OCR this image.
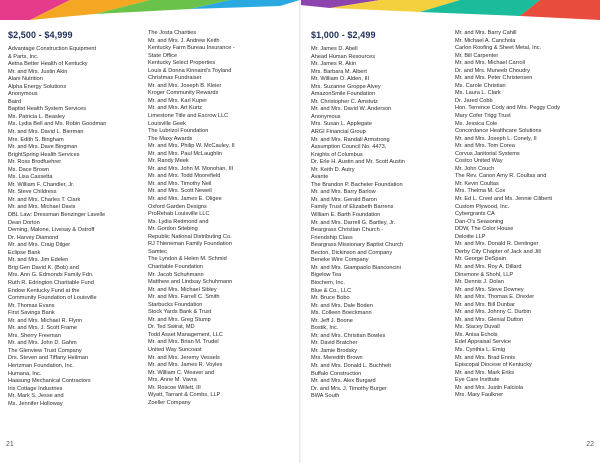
$2,500 - $4,999
Advantage Construction Equipment
& Parts, Inc.
Aetna Better Health of Kentucky
Mr. and Mrs. Justin Akin
Alani Nutrition
Alpha Energy Solutions
Anonymous
Baird
Baptist Health System Services
Ms. Patricia L. Beasley
Ms. Lydia Bell and Ms. Robin Goodman
Mr. and Mrs. David L. Bierman
Mrs. Edith S. Bingham
Mr. and Mrs. Dave Bingman
BrightSpring Health Services
Mr. Ross Brodfuehrer
Ms. Dace Brown
Ms. Lisa Cassetta
Mr. William F. Chandler, Jr.
Mr. Steve Childress
Mr. and Mrs. Charles T. Clark
Mr. and Mrs. Michael Davis
DBL Law: Dressman Benzinger Lavelle
Dean Dorton
Deming, Malone, Livesay & Ostroff
Dr. Harvey Diamond
Mr. and Mrs. Craig Dilger
Eclipse Bank
Mr. and Mrs. Jim Edelen
Brig Gen David K. (Bob) and
Mrs. Ann G. Edmonds Family Fdn.
Ruth R. Edrington Charitable Fund
Endow Kentucky Fund at the
Community Foundation of Louisville
Mr. Thomas Evans
First Savings Bank
Mr. and Mrs. Michael R. Flynn
Mr. and Mrs. J. Scott Frame
Mrs. Sherry Freeman
Mr. and Mrs. John D. Gahm
The Glenview Trust Company
Drs. Steven and Tiffany Heilman
Hertzman Foundation, Inc.
Humana, Inc.
Haasung Mechanical Contractors
Iris Cottage Industries
Mr. Mark S. Jesse and
Ms. Jennifer Holloway
The Josta Charities
Mr. and Mrs. J. Andrew Keith
Kentucky Farm Bureau Insurance -
State Office
Kentucky Select Properties
Louis & Donna Kinnaird's Toyland
Christmas Fundraiser
Mr. and Mrs. Joseph B. Kleier
Kroger Community Rewards
Mr. and Mrs. Karl Kuper
Mr. and Mrs. Art Kurtz
Limestone Title and Escrow LLC
Louisville Geek
The Lubrizol Foundation
The Maxy Awards
Mr. and Mrs. Philip W. McCauley, II
Mr. and Mrs. Paul McLaughlin
Mr. Randy Meek
Mr. and Mrs. John M. Monohan, III
Mr. and Mrs. Todd Moorefield
Mr. and Mrs. Timothy Neil
Mr. and Mrs. Scott Newell
Mr. and Mrs. James E. Oligee
Oxford Garden Designs
ProRehab Louisville LLC
Ms. Lydia Redmond and
Mr. Gordon Sitebing
Republic National Distributing Co.
RJ Thieneman Family Foundation
Samtec
The Lyndon & Helen M. Schmid
Charitable Foundation
Mr. Jacob Schuhmann
Matthew and Lindsay Schuhmann
Mr. and Mrs. Michael Sibley
Mr. and Mrs. Farrell C. Smith
Starbucks Foundation
Stock Yards Bank & Trust
Mr. and Mrs. Greg Stump
Dr. Ted Swirat, MD
Todd Asset Management, LLC
Mr. and Mrs. Brian M. Trudel
United Way Suncoast
Mr. and Mrs. Jeremy Vessels
Mr. and Mrs. James R. Voyles
Mr. William C. Weaver and
Mrs. Anne M. Vavra
Mr. Roscoe Willett, III
Wyatt, Tarrant & Combs, LLP
Zoeller Company
$1,000 - $2,499
Mr. James D. Abell
Ahead Human Resources
Mr. James R. Akin
Mrs. Barbara M. Albert
Mr. William O. Alden, III
Mrs. Suzanne Groppe Alvey
AmazonSmile Foundation
Mr. Christopher C. Amstutz
Mr. and Mrs. David W. Anderson
Anonymous
Mrs. Susan L. Applegate
ARGI Financial Group
Mr. and Mrs. Randall Armstrong
Assumption Council No. 4473,
Knights of Columbus
Dr. Erle H. Austin and Mr. Scott Austin
Mr. Keith D. Autry
Avante
The Brandon P. Bacheler Foundation
Mr. and Mrs. Barry Barlow
Mr. and Mrs. Gerald Baron
Family Trust of Elizabeth Barrens
William E. Barth Foundation
Mr. and Mrs. Darrell G. Bartley, Jr.
Beargrass Christian Church -
Friendship Class
Beargrass Missionary Baptist Church
Becton, Dickinson and Company
Beneke Wire Company
Mr. and Mrs. Giampaolo Bianconcini
Bigelow Tea
Biochem, Inc.
Blue & Co., LLC
Mr. Bruce Bobo
Mr. and Mrs. Dale Boden
Ms. Colleen Boeckmann
Mr. Jeff J. Boone
Bostik, Inc.
Mr. and Mrs. Christian Bowles
Mr. David Bratcher
Mr. Jamie Brodsky
Mrs. Meredith Brown
Mr. and Mrs. Donald L. Buchheit
Buffalo Construction
Mr. and Mrs. Alex Burgard
Dr. and Mrs. J. Timothy Burger
BWA South
Mr. and Mrs. Barry Cahill
Mr. Michael A. Canchola
Carlon Roofing & Sheet Metal, Inc.
Mr. Bill Carpenter
Mr. and Mrs. Michael Carroll
Dr. and Mrs. Muneeb Choudry
Mr. and Mrs. Peter Christensen
Ms. Carole Christian
Ms. Laura L. Clark
Dr. Jared Cobb
Hon. Terrence Cody and Mrs. Peggy Cody
Mary Cofer Trigg Trust
Ms. Jessica Cole
Concordance Healthcare Solutions
Mr. and Mrs. Joseph L. Conely, II
Mr. and Mrs. Tom Corea
Corvus Janitorial Systems
Costco United Way
Mr. John Couch
The Rev. Canon Amy R. Coultas and
Mr. Kevin Coultas
Mrs. Thelma M. Cox
Mr. Ed L. Creel and Ms. Jennie Ciliberti
Custom Plywood, Inc.
Cybergrants CA
Dan-O's Seasoning
DDW, The Color House
Deloitte LLP
Mr. and Mrs. Donald R. Dentinger
Derby City Chapter of Jack and Jill
Mr. George DeSpain
Mr. and Mrs. Roy A. Dillard
Dinsmore & Shohl, LLP
Mr. Dennis J. Dolan
Mr. and Mrs. Steve Downey
Mr. and Mrs. Thomas E. Drexler
Mr. and Mrs. Bill Dunbar
Mr. and Mrs. Johnny C. Durbin
Mr. and Mrs. Glenial Dutton
Ms. Stacey Duvall
Ms. Anisa Echols
Edel Appraisal Service
Ms. Cynthia L. Emig
Mr. and Mrs. Brad Ennis
Episcopal Diocese of Kentucky
Mr. and Mrs. Mark Eriks
Eye Care Institute
Mr. and Mrs. Justin Falciola
Mrs. Mary Faulkner
21	22
